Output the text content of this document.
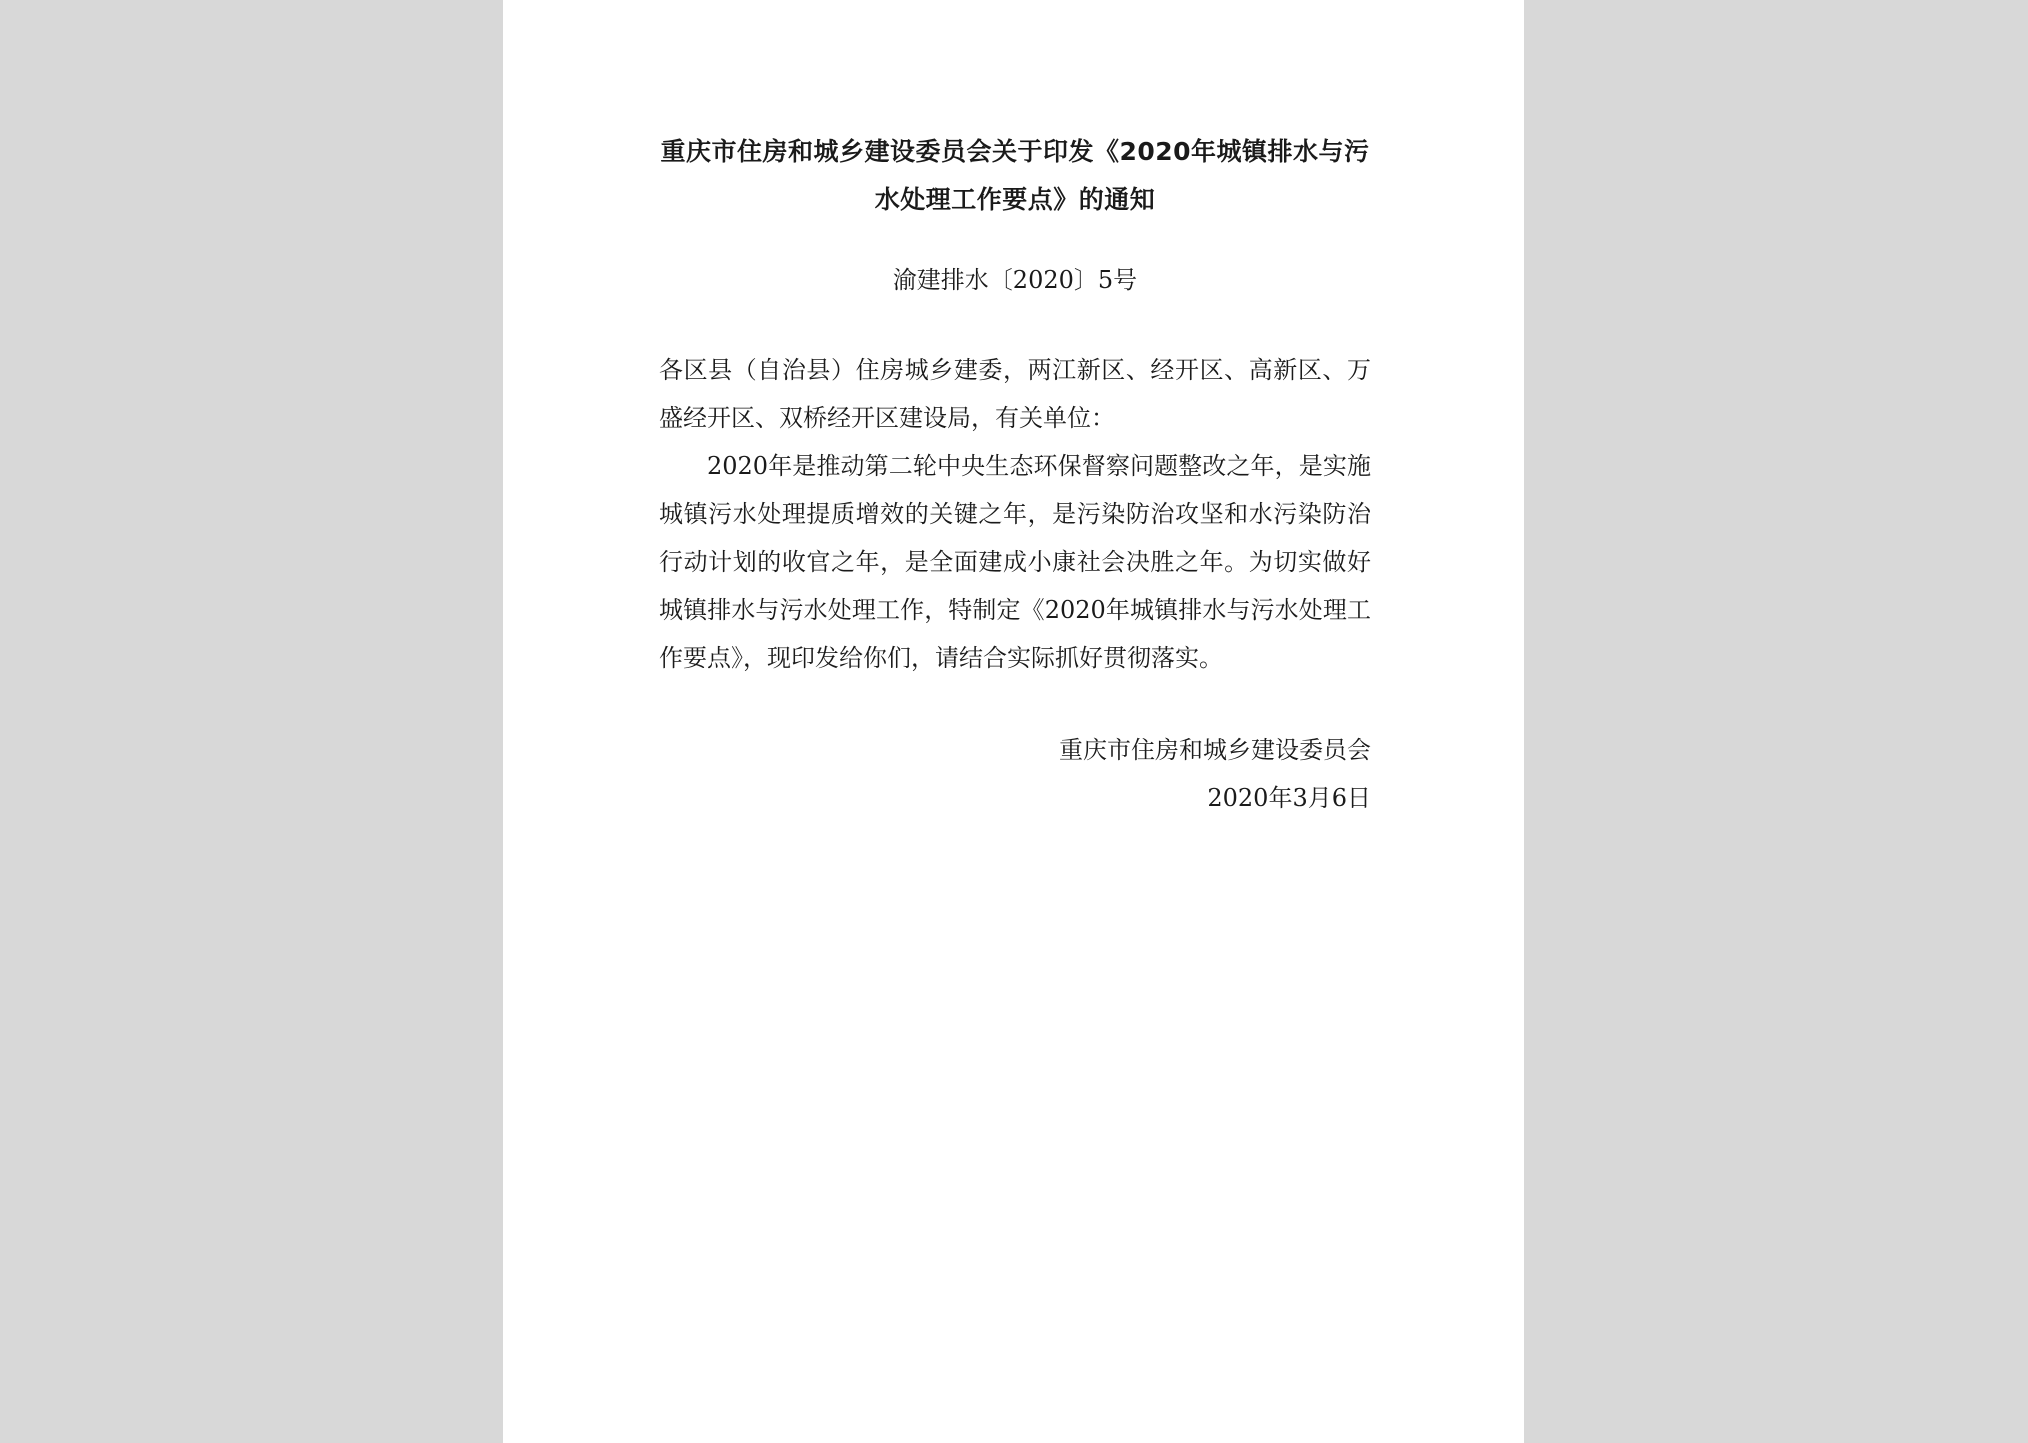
重庆市住房和城乡建设委员会关于印发《2020年城镇排水与污水处理工作要点》的通知

渝建排水〔2020〕5号

各区县（自治县）住房城乡建委，两江新区、经开区、高新区、万盛经开区、双桥经开区建设局，有关单位：

2020年是推动第二轮中央生态环保督察问题整改之年，是实施城镇污水处理提质增效的关键之年，是污染防治攻坚和水污染防治行动计划的收官之年，是全面建成小康社会决胜之年。为切实做好城镇排水与污水处理工作，特制定《2020年城镇排水与污水处理工作要点》，现印发给你们，请结合实际抓好贯彻落实。

重庆市住房和城乡建设委员会

2020年3月6日
